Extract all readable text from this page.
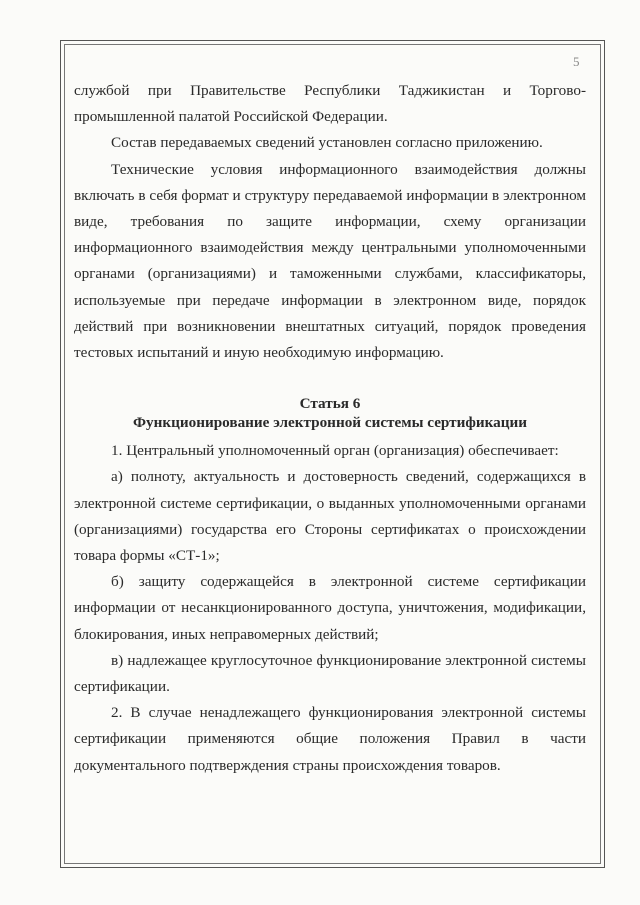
5

службой при Правительстве Республики Таджикистан и Торгово-промышленной палатой Российской Федерации.

Состав передаваемых сведений установлен согласно приложению.

Технические условия информационного взаимодействия должны включать в себя формат и структуру передаваемой информации в электронном виде, требования по защите информации, схему организации информационного взаимодействия между центральными уполномоченными органами (организациями) и таможенными службами, классификаторы, используемые при передаче информации в электронном виде, порядок действий при возникновении внештатных ситуаций, порядок проведения тестовых испытаний и иную необходимую информацию.

Статья 6
Функционирование электронной системы сертификации

1. Центральный уполномоченный орган (организация) обеспечивает:

а) полноту, актуальность и достоверность сведений, содержащихся в электронной системе сертификации, о выданных уполномоченными органами (организациями) государства его Стороны сертификатах о происхождении товара формы «СТ-1»;

б) защиту содержащейся в электронной системе сертификации информации от несанкционированного доступа, уничтожения, модификации, блокирования, иных неправомерных действий;

в) надлежащее круглосуточное функционирование электронной системы сертификации.

2. В случае ненадлежащего функционирования электронной системы сертификации применяются общие положения Правил в части документального подтверждения страны происхождения товаров.
